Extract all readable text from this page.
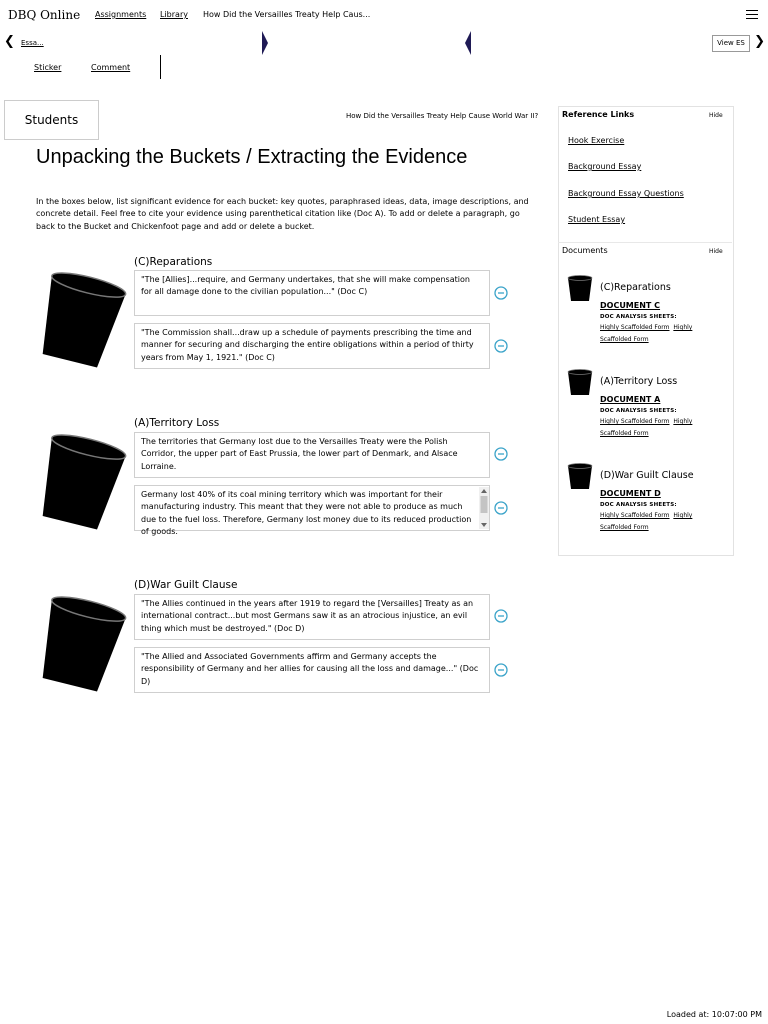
DBQ Online Assignments Library How Did the Versailles Treaty Help Caus...
❮ Essa...	View ES ❯
Sticker	Comment
Students	How Did the Versailles Treaty Help Cause World War II?
Unpacking the Buckets / Extracting the Evidence
In the boxes below, list significant evidence for each bucket: key quotes, paraphrased ideas, data, image descriptions, and concrete detail. Feel free to cite your evidence using parenthetical citation like (Doc A). To add or delete a paragraph, go back to the Bucket and Chickenfoot page and add or delete a bucket.
(C)Reparations
"The [Allies]...require, and Germany undertakes, that she will make compensation for all damage done to the civilian population..." (Doc C)
"The Commission shall...draw up a schedule of payments prescribing the time and manner for securing and discharging the entire obligations within a period of thirty years from May 1, 1921." (Doc C)
(A)Territory Loss
The territories that Germany lost due to the Versailles Treaty were the Polish Corridor, the upper part of East Prussia, the lower part of Denmark, and Alsace Lorraine.
Germany lost 40% of its coal mining territory which was important for their manufacturing industry. This meant that they were not able to produce as much due to the fuel loss. Therefore, Germany lost money due to its reduced production of goods.
(D)War Guilt Clause
"The Allies continued in the years after 1919 to regard the [Versailles] Treaty as an international contract...but most Germans saw it as an atrocious injustice, an evil thing which must be destroyed." (Doc D)
"The Allied and Associated Governments affirm and Germany accepts the responsibility of Germany and her allies for causing all the loss and damage..." (Doc D)
Reference Links	Hide
Hook Exercise
Background Essay
Background Essay Questions
Student Essay
Documents	Hide
(C)Reparations
DOCUMENT C
DOC ANALYSIS SHEETS:
Highly Scaffolded Form Highly Scaffolded Form
(A)Territory Loss
DOCUMENT A
DOC ANALYSIS SHEETS:
Highly Scaffolded Form Highly Scaffolded Form
(D)War Guilt Clause
DOCUMENT D
DOC ANALYSIS SHEETS:
Highly Scaffolded Form Highly Scaffolded Form
Loaded at: 10:07:00 PM
